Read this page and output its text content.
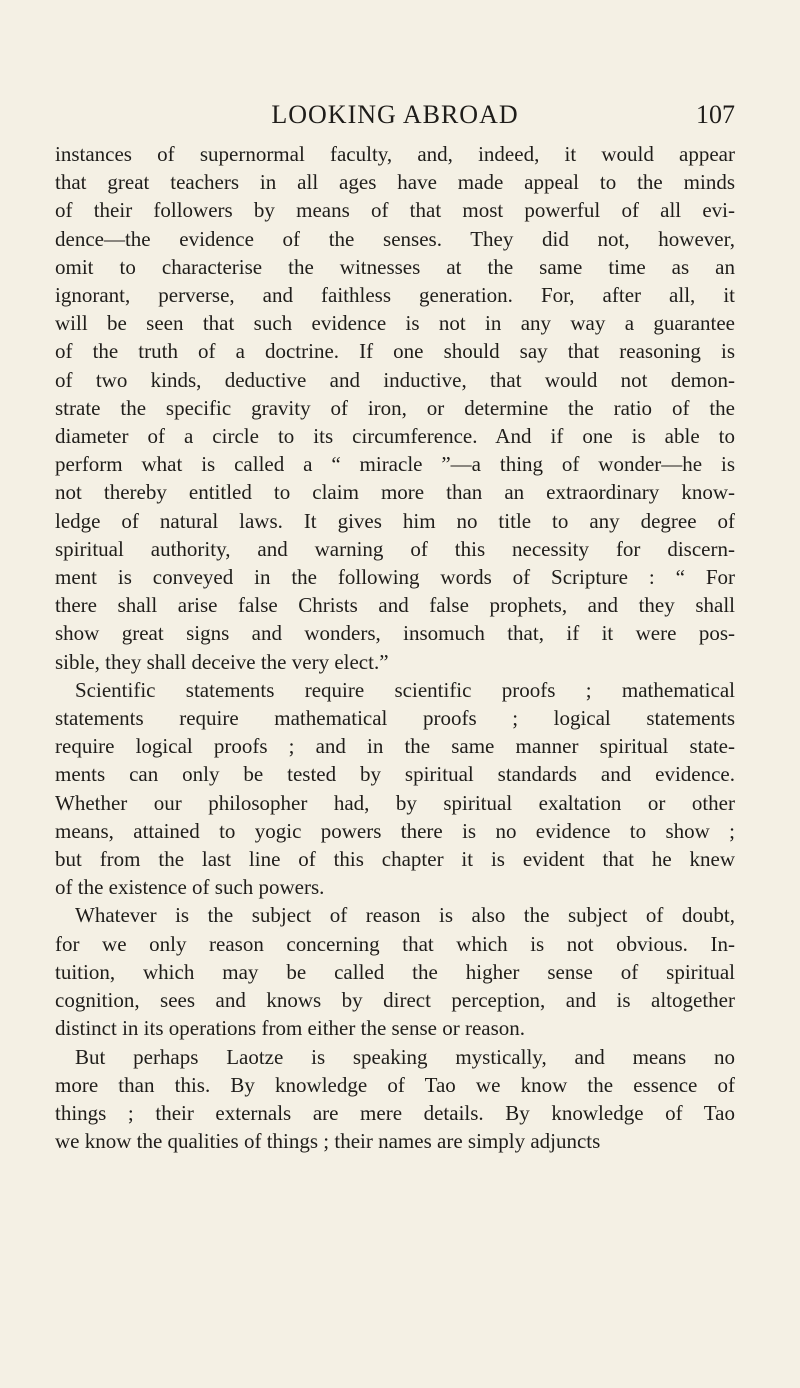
LOOKING ABROAD	107
instances of supernormal faculty, and, indeed, it would appear
that great teachers in all ages have made appeal to the minds
of their followers by means of that most powerful of all evi-
dence—the evidence of the senses. They did not, however,
omit to characterise the witnesses at the same time as an
ignorant, perverse, and faithless generation. For, after all, it
will be seen that such evidence is not in any way a guarantee
of the truth of a doctrine. If one should say that reasoning is
of two kinds, deductive and inductive, that would not demon-
strate the specific gravity of iron, or determine the ratio of the
diameter of a circle to its circumference. And if one is able to
perform what is called a “ miracle ”—a thing of wonder—he is
not thereby entitled to claim more than an extraordinary know-
ledge of natural laws. It gives him no title to any degree of
spiritual authority, and warning of this necessity for discern-
ment is conveyed in the following words of Scripture : “ For
there shall arise false Christs and false prophets, and they shall
show great signs and wonders, insomuch that, if it were pos-
sible, they shall deceive the very elect.”
Scientific statements require scientific proofs ; mathematical
statements require mathematical proofs ; logical statements
require logical proofs ; and in the same manner spiritual state-
ments can only be tested by spiritual standards and evidence.
Whether our philosopher had, by spiritual exaltation or other
means, attained to yogic powers there is no evidence to show ;
but from the last line of this chapter it is evident that he knew
of the existence of such powers.
Whatever is the subject of reason is also the subject of doubt,
for we only reason concerning that which is not obvious. In-
tuition, which may be called the higher sense of spiritual
cognition, sees and knows by direct perception, and is altogether
distinct in its operations from either the sense or reason.
But perhaps Laotze is speaking mystically, and means no
more than this. By knowledge of Tao we know the essence of
things ; their externals are mere details. By knowledge of Tao
we know the qualities of things ; their names are simply adjuncts
